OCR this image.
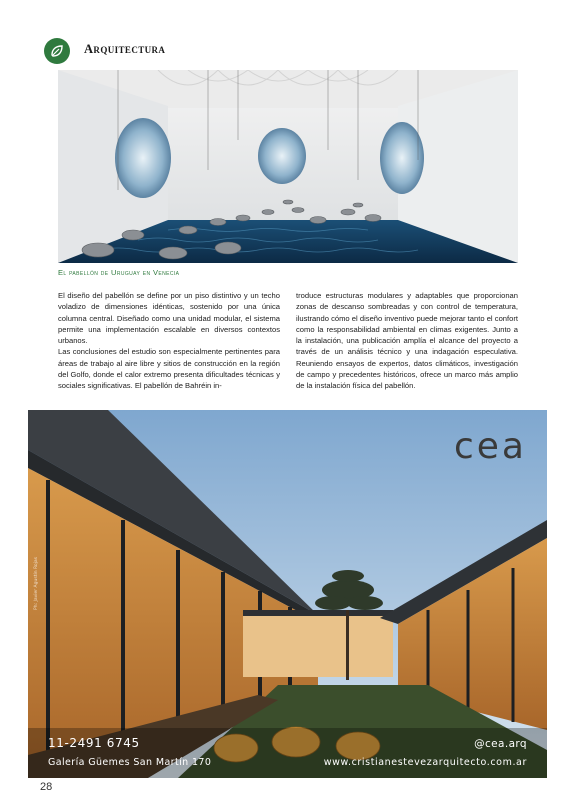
Arquitectura
El pabellón de Uruguay en Venecia

El diseño del pabellón se define por un piso distintivo y un techo voladizo de dimensiones idénticas, sostenido por una única columna central. Diseñado como una unidad modular, el sistema permite una implementación escalable en diversos contextos urbanos.

Las conclusiones del estudio son especialmente pertinentes para áreas de trabajo al aire libre y sitios de construcción en la región del Golfo, donde el calor extremo presenta dificultades técnicas y sociales significativas. El pabellón de Bahréin in-

troduce estructuras modulares y adaptables que proporcionan zonas de descanso sombreadas y con control de temperatura, ilustrando cómo el diseño inventivo puede mejorar tanto el confort como la responsabilidad ambiental en climas exigentes. Junto a la instalación, una publicación amplía el alcance del proyecto a través de un análisis técnico y una indagación especulativa. Reuniendo ensayos de expertos, datos climáticos, investigación de campo y precedentes históricos, ofrece un marco más amplio de la instalación física del pabellón.

cea
Ph: Javier Agustín Rojas
11-2491 6745
Galería Güemes San Martín 170
@cea.arq
www.cristianestevezarquitecto.com.ar
28
